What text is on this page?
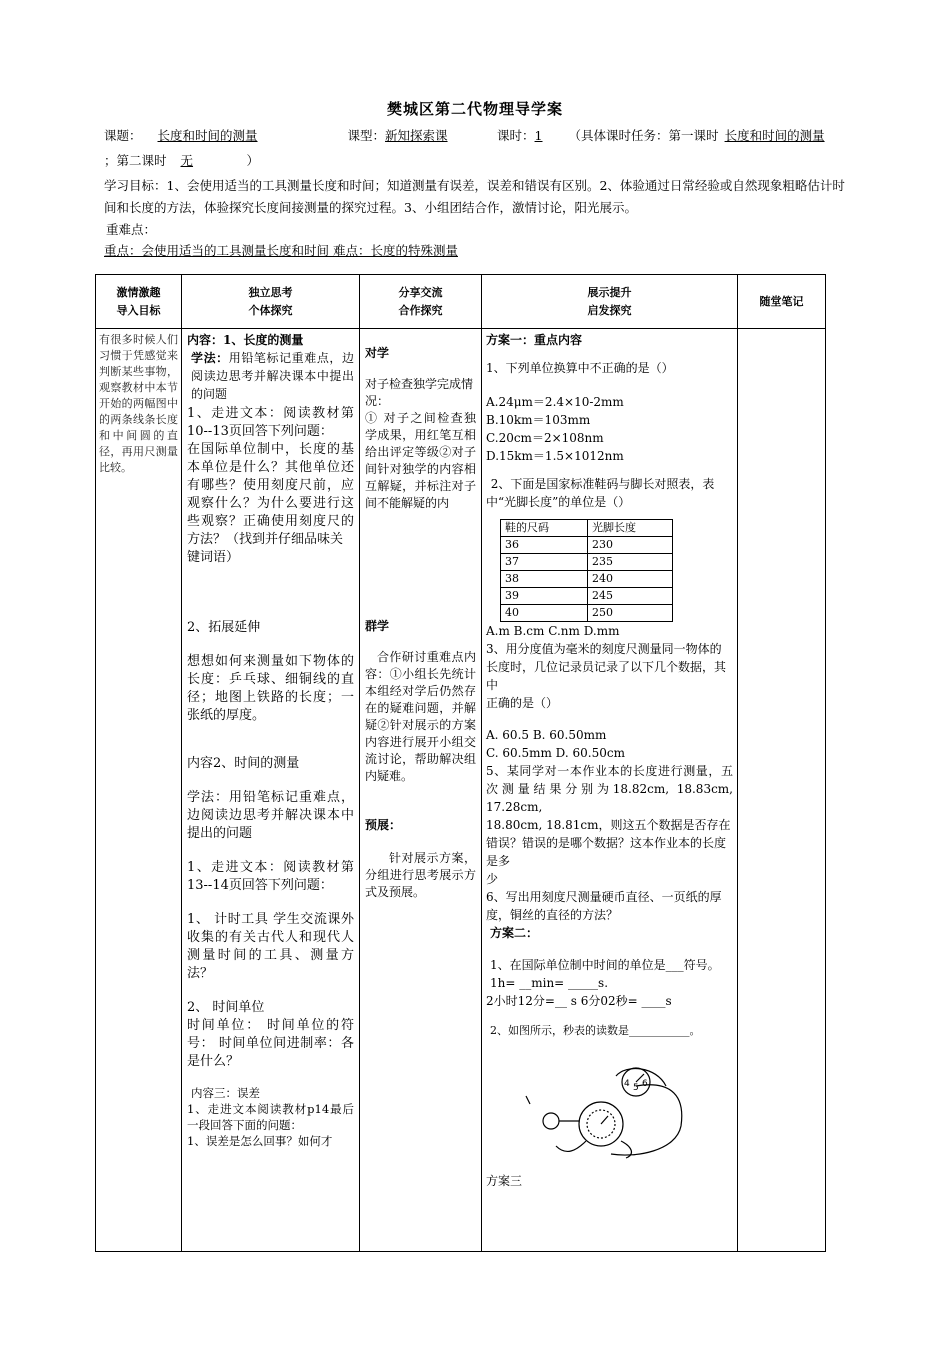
樊城区第二代物理导学案
课题： 长度和时间的测量	课型：新知探索课	课时：1 （具体课时任务：第一课时 长度和时间的测量
；第二课时 无	）
学习目标：1、会使用适当的工具测量长度和时间；知道测量有误差，误差和错误有区别。2、体验通过日常经验或自然现象粗略估计时间和长度的方法，体验探究长度间接测量的探究过程。3、小组团结合作，激情讨论，阳光展示。
重难点：
重点：会使用适当的工具测量长度和时间 难点：长度的特殊测量
激情激趣
导入目标

独立思考
个体探究

分享交流
合作探究

展示提升
启发探究

随堂笔记

有很多时候人们习惯于凭感觉来判断某些事物，观察教材中本节开始的两幅图中的两条线条长度和中间圆的直径，再用尺测量比较。	
内容：1、长度的测量
学法：用铅笔标记重难点，边阅读边思考并解决课本中提出的问题
1、走进文本：阅读教材第10--13页回答下列问题：
在国际单位制中，长度的基本单位是什么？其他单位还有哪些？使用刻度尺前，应观察什么？为什么要进行这些观察？正确使用刻度尺的方法？（找到并仔细品味关
键词语）
2、拓展延伸
想想如何来测量如下物体的长度：乒乓球、细铜线的直径；地图上铁路的长度；一张纸的厚度。
内容2、时间的测量
学法：用铅笔标记重难点，边阅读边思考并解决课本中提出的问题
1、走进文本：阅读教材第13--14页回答下列问题：
1、 计时工具 学生交流课外收集的有关古代人和现代人测量时间的工具、测量方法？
2、 时间单位
时间单位： 时间单位的符号： 时间单位间进制率：各是什么？
内容三：误差
1、走进文本阅读教材p14最后一段回答下面的问题：
1、误差是怎么回事？如何才

对学
对子检查独学完成情况：
① 对子之间检查独学成果，用红笔互相给出评定等级②对子间针对独学的内容相互解疑，并标注对子间不能解疑的内
群学
合作研讨重难点内容：①小组长先统计本组经对学后仍然存在的疑难问题，并解疑②针对展示的方案内容进行展开小组交流讨论，帮助解决组内疑难。
预展：
针对展示方案，分组进行思考展示方式及预展。

方案一：重点内容
1、下列单位换算中不正确的是（）
A.24μm＝2.4×10-2mm
B.10km＝103mm
C.20cm＝2×108nm
D.15km＝1.5×1012nm
2、下面是国家标准鞋码与脚长对照表，表中“光脚长度”的单位是（）
鞋的尺码	光脚长度
36	230
37	235
38	240
39	245
40	250
A.m B.cm C.nm D.mm
3、用分度值为毫米的刻度尺测量同一物体的长度时，几位记录员记录了以下几个数据，其中
正确的是（）
A. 60.5 B. 60.50mm
C. 60.5mm D. 60.50cm
5、某同学对一本作业本的长度进行测量，五次测量结果分别为18.82cm, 18.83cm, 17.28cm,
18.80cm, 18.81cm，则这五个数据是否存在错误？错误的是哪个数据？这本作业本的长度是多
少
6、写出用刻度尺测量硬币直径、一页纸的厚度，铜丝的直径的方法？
方案二：
1、在国际单位制中时间的单位是___符号。1h= __min= _____s.
2小时12分=__ s 6分02秒= ____s
2、如图所示，秒表的读数是___________。
4 5 6
方案三
